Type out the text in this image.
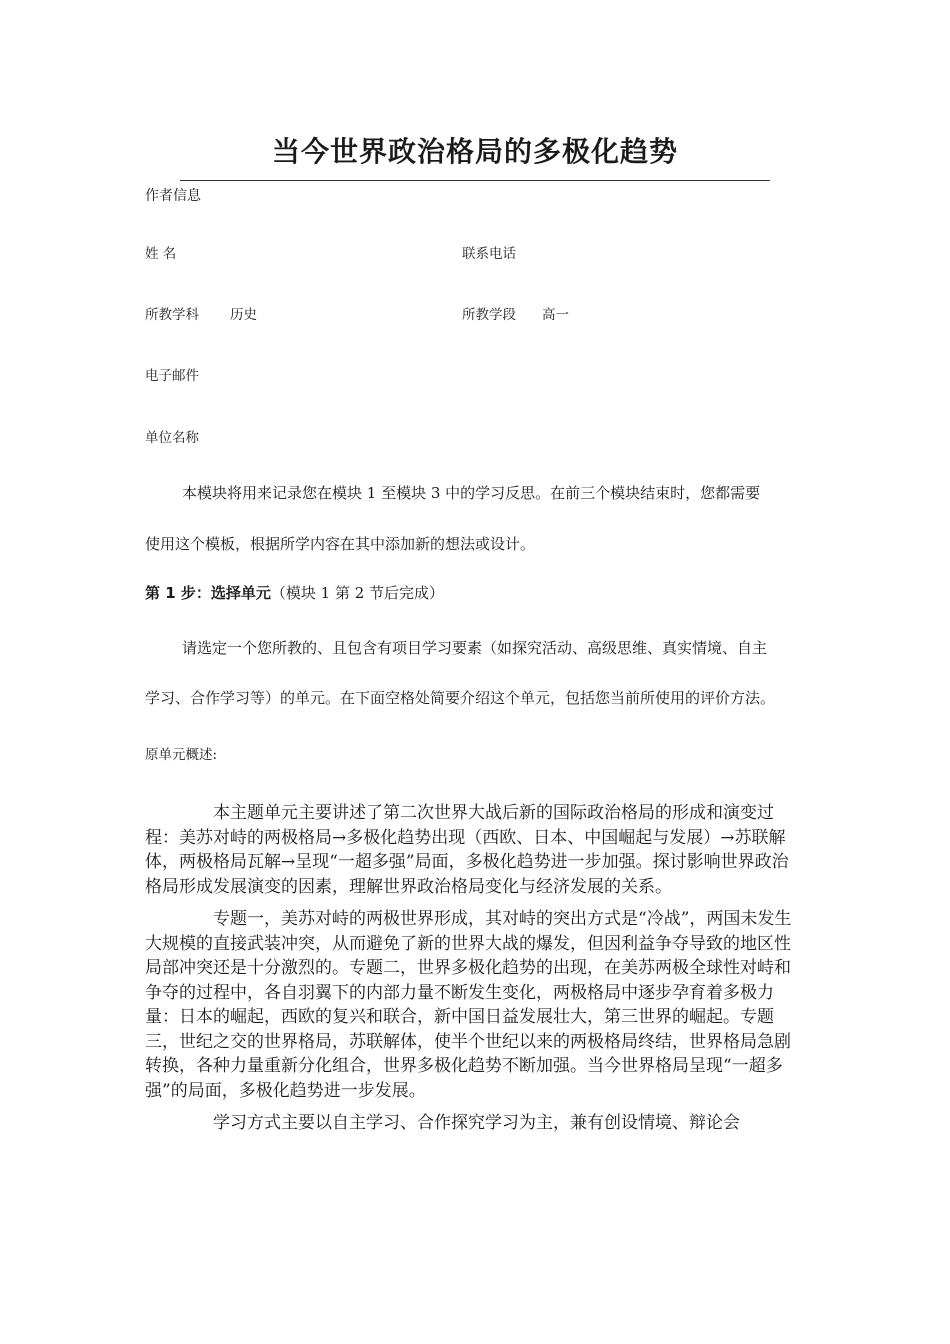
当今世界政治格局的多极化趋势
作者信息
姓 名	联系电话
所教学科 历史	所教学段 高一
电子邮件
单位名称
本模块将用来记录您在模块 1 至模块 3 中的学习反思。在前三个模块结束时，您都需要
使用这个模板，根据所学内容在其中添加新的想法或设计。
第 1 步：选择单元（模块 1 第 2 节后完成）
请选定一个您所教的、且包含有项目学习要素（如探究活动、高级思维、真实情境、自主
学习、合作学习等）的单元。在下面空格处简要介绍这个单元，包括您当前所使用的评价方法。
原单元概述:

本主题单元主要讲述了第二次世界大战后新的国际政治格局的形成和演变过程：美苏对峙的两极格局→多极化趋势出现（西欧、日本、中国崛起与发展）→苏联解体，两极格局瓦解→呈现“一超多强”局面，多极化趋势进一步加强。探讨影响世界政治格局形成发展演变的因素，理解世界政治格局变化与经济发展的关系。

专题一，美苏对峙的两极世界形成，其对峙的突出方式是“冷战”，两国未发生大规模的直接武装冲突，从而避免了新的世界大战的爆发，但因利益争夺导致的地区性局部冲突还是十分激烈的。专题二，世界多极化趋势的出现，在美苏两极全球性对峙和争夺的过程中，各自羽翼下的内部力量不断发生变化，两极格局中逐步孕育着多极力量：日本的崛起，西欧的复兴和联合，新中国日益发展壮大，第三世界的崛起。专题三，世纪之交的世界格局，苏联解体，使半个世纪以来的两极格局终结，世界格局急剧转换，各种力量重新分化组合，世界多极化趋势不断加强。当今世界格局呈现“一超多强”的局面，多极化趋势进一步发展。

学习方式主要以自主学习、合作探究学习为主，兼有创设情境、辩论会
